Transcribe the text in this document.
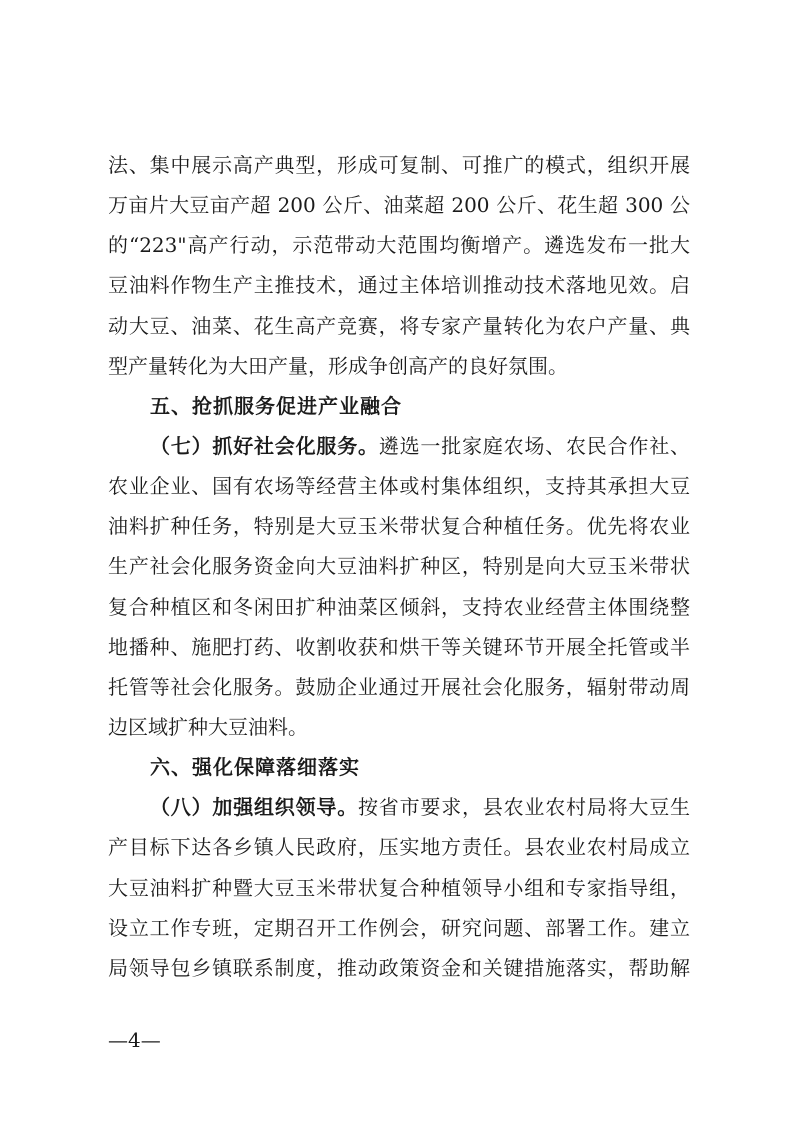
法、集中展示高产典型，形成可复制、可推广的模式，组织开展
万亩片大豆亩产超 200 公斤、油菜超 200 公斤、花生超 300 公
的“223"高产行动，示范带动大范围均衡增产。遴选发布一批大
豆油料作物生产主推技术，通过主体培训推动技术落地见效。启
动大豆、油菜、花生高产竞赛，将专家产量转化为农户产量、典
型产量转化为大田产量，形成争创高产的良好氛围。
五、抢抓服务促进产业融合
（七）抓好社会化服务。遴选一批家庭农场、农民合作社、
农业企业、国有农场等经营主体或村集体组织，支持其承担大豆
油料扩种任务，特别是大豆玉米带状复合种植任务。优先将农业
生产社会化服务资金向大豆油料扩种区，特别是向大豆玉米带状
复合种植区和冬闲田扩种油菜区倾斜，支持农业经营主体围绕整
地播种、施肥打药、收割收获和烘干等关键环节开展全托管或半
托管等社会化服务。鼓励企业通过开展社会化服务，辐射带动周
边区域扩种大豆油料。
六、强化保障落细落实
（八）加强组织领导。按省市要求，县农业农村局将大豆生
产目标下达各乡镇人民政府，压实地方责任。县农业农村局成立
大豆油料扩种暨大豆玉米带状复合种植领导小组和专家指导组，
设立工作专班，定期召开工作例会，研究问题、部署工作。建立
局领导包乡镇联系制度，推动政策资金和关键措施落实，帮助解
—4—
